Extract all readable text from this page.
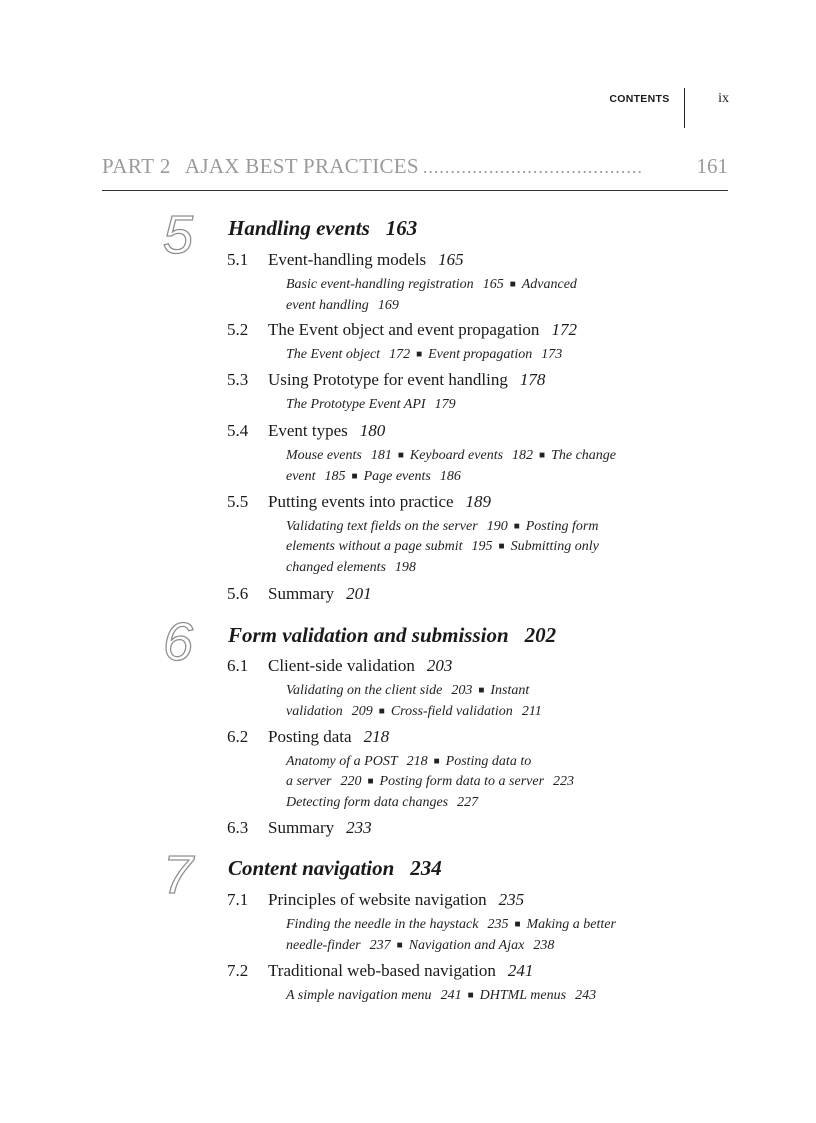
CONTENTS	ix
PART 2 AJAX BEST PRACTICES ........................................	161
5 Handling events 163
5.1 Event-handling models 165
Basic event-handling registration 165 ■ Advanced
event handling 169
5.2 The Event object and event propagation 172
The Event object 172 ■ Event propagation 173
5.3 Using Prototype for event handling 178
The Prototype Event API 179
5.4 Event types 180
Mouse events 181 ■ Keyboard events 182 ■ The change
event 185 ■ Page events 186
5.5 Putting events into practice 189
Validating text fields on the server 190 ■ Posting form
elements without a page submit 195 ■ Submitting only
changed elements 198
5.6 Summary 201
6 Form validation and submission 202
6.1 Client-side validation 203
Validating on the client side 203 ■ Instant
validation 209 ■ Cross-field validation 211
6.2 Posting data 218
Anatomy of a POST 218 ■ Posting data to
a server 220 ■ Posting form data to a server 223
Detecting form data changes 227
6.3 Summary 233
7 Content navigation 234
7.1 Principles of website navigation 235
Finding the needle in the haystack 235 ■ Making a better
needle-finder 237 ■ Navigation and Ajax 238
7.2 Traditional web-based navigation 241
A simple navigation menu 241 ■ DHTML menus 243
